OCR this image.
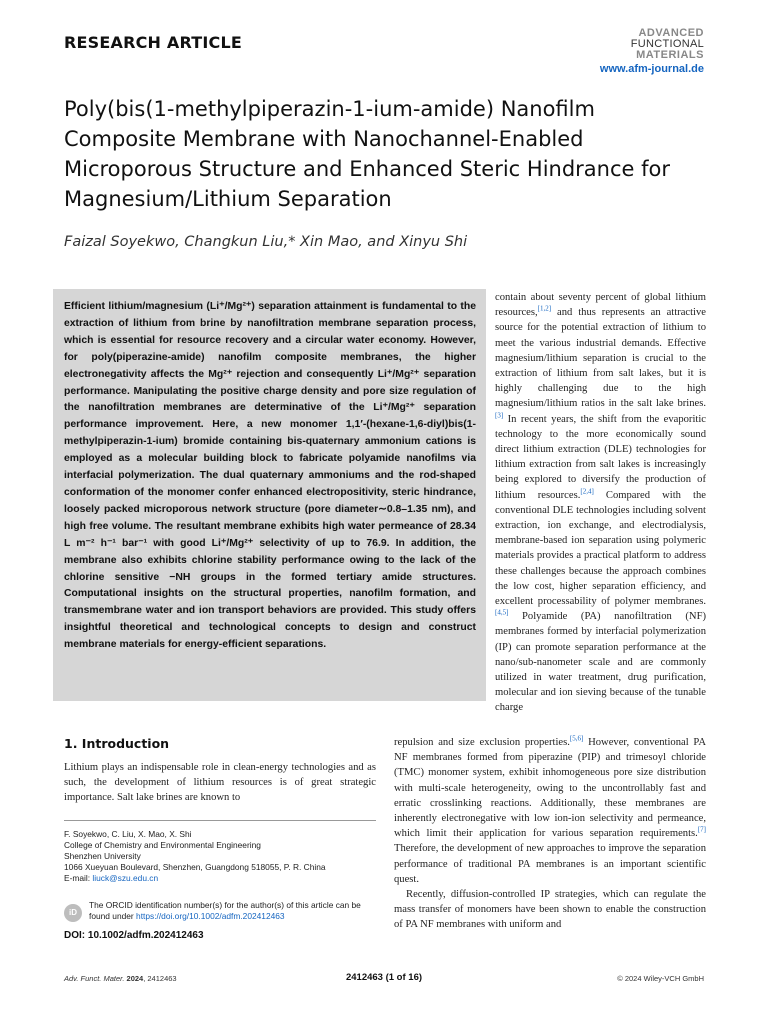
RESEARCH ARTICLE	ADVANCED
FUNCTIONAL
MATERIALS
www.afm-journal.de
Poly(bis(1-methylpiperazin-1-ium-amide) Nanofilm
Composite Membrane with Nanochannel-Enabled
Microporous Structure and Enhanced Steric Hindrance for
Magnesium/Lithium Separation
Faizal Soyekwo, Changkun Liu,* Xin Mao, and Xinyu Shi
Efficient lithium/magnesium (Li⁺/Mg²⁺) separation attainment is fundamental to the extraction of lithium from brine by nanofiltration membrane separation process, which is essential for resource recovery and a circular water economy. However, for poly(piperazine-amide) nanofilm composite membranes, the higher electronegativity affects the Mg²⁺ rejection and consequently Li⁺/Mg²⁺ separation performance. Manipulating the positive charge density and pore size regulation of the nanofiltration membranes are determinative of the Li⁺/Mg²⁺ separation performance improvement. Here, a new monomer 1,1′-(hexane-1,6-diyl)bis(1-methylpiperazin-1-ium) bromide containing bis-quaternary ammonium cations is employed as a molecular building block to fabricate polyamide nanofilms via interfacial polymerization. The dual quaternary ammoniums and the rod-shaped conformation of the monomer confer enhanced electropositivity, steric hindrance, loosely packed microporous network structure (pore diameter∼0.8–1.35 nm), and high free volume. The resultant membrane exhibits high water permeance of 28.34 L m⁻² h⁻¹ bar⁻¹ with good Li⁺/Mg²⁺ selectivity of up to 76.9. In addition, the membrane also exhibits chlorine stability performance owing to the lack of the chlorine sensitive −NH groups in the formed tertiary amide structures. Computational insights on the structural properties, nanofilm formation, and transmembrane water and ion transport behaviors are provided. This study offers insightful theoretical and technological concepts to design and construct membrane materials for energy-efficient separations.

contain about seventy percent of global lithium resources,[1,2] and thus represents an attractive source for the potential extraction of lithium to meet the various industrial demands. Effective magnesium/lithium separation is crucial to the extraction of lithium from salt lakes, but it is highly challenging due to the high magnesium/lithium ratios in the salt lake brines.[3] In recent years, the shift from the evaporitic technology to the more economically sound direct lithium extraction (DLE) technologies for lithium extraction from salt lakes is increasingly being explored to diversify the production of lithium resources.[2,4] Compared with the conventional DLE technologies including solvent extraction, ion exchange, and electrodialysis, membrane-based ion separation using polymeric materials provides a practical platform to address these challenges because the approach combines the low cost, higher separation efficiency, and excellent processability of polymer membranes.[4,5] Polyamide (PA) nanofiltration (NF) membranes formed by interfacial polymerization (IP) can promote separation performance at the nano/sub-nanometer scale and are commonly utilized in water treatment, drug purification, molecular and ion sieving because of the tunable charge

repulsion and size exclusion properties.[5,6] However, conventional PA NF membranes formed from piperazine (PIP) and trimesoyl chloride (TMC) monomer system, exhibit inhomogeneous pore size distribution with multi-scale heterogeneity, owing to the uncontrollably fast and erratic crosslinking reactions. Additionally, these membranes are inherently electronegative with low ion-ion selectivity and permeance, which limit their application for various separation requirements.[7] Therefore, the development of new approaches to improve the separation performance of traditional PA membranes is an important scientific quest.

Recently, diffusion-controlled IP strategies, which can regulate the mass transfer of monomers have been shown to enable the construction of PA NF membranes with uniform and

1. Introduction
Lithium plays an indispensable role in clean-energy technologies and as such, the development of lithium resources is of great strategic importance. Salt lake brines are known to
F. Soyekwo, C. Liu, X. Mao, X. Shi
College of Chemistry and Environmental Engineering
Shenzhen University
1066 Xueyuan Boulevard, Shenzhen, Guangdong 518055, P. R. China
E-mail: liuck@szu.edu.cn
iD
The ORCID identification number(s) for the author(s) of this article can be found under https://doi.org/10.1002/adfm.202412463
DOI: 10.1002/adfm.202412463
Adv. Funct. Mater. 2024, 2412463	2412463 (1 of 16)	© 2024 Wiley-VCH GmbH
